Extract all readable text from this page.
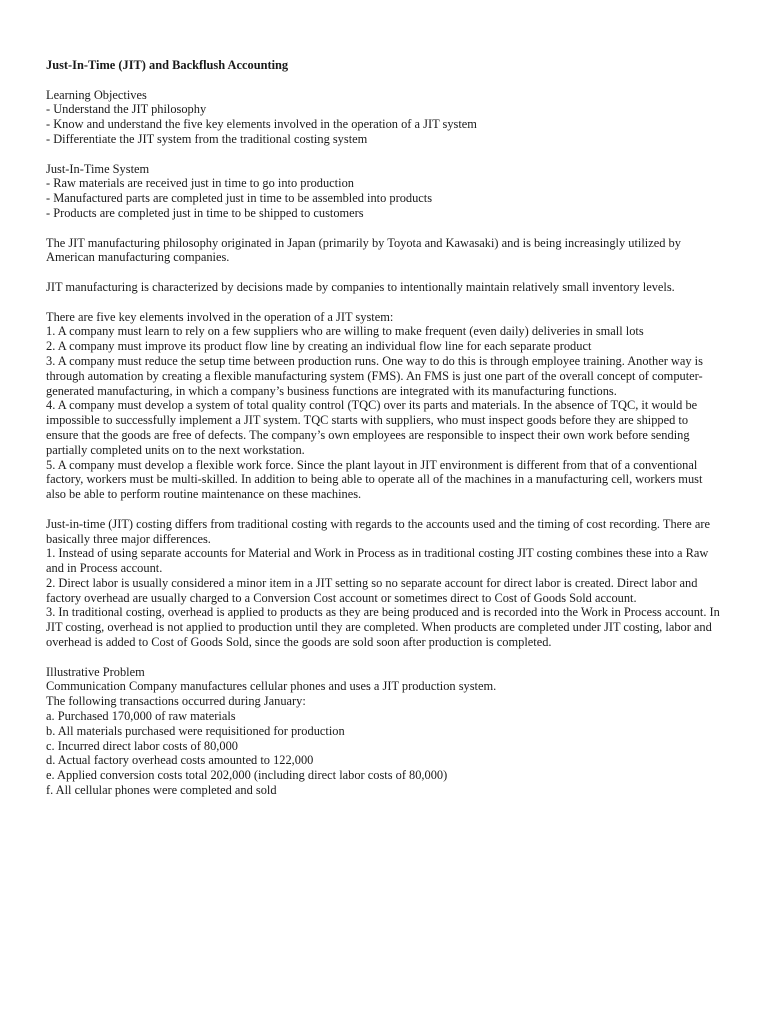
Just-In-Time (JIT) and Backflush Accounting

Learning Objectives

- Understand the JIT philosophy

- Know and understand the five key elements involved in the operation of a JIT system

- Differentiate the JIT system from the traditional costing system

Just-In-Time System

- Raw materials are received just in time to go into production

- Manufactured parts are completed just in time to be assembled into products

- Products are completed just in time to be shipped to customers

The JIT manufacturing philosophy originated in Japan (primarily by Toyota and Kawasaki) and is being increasingly utilized by American manufacturing companies.

JIT manufacturing is characterized by decisions made by companies to intentionally maintain relatively small inventory levels.

There are five key elements involved in the operation of a JIT system:

1. A company must learn to rely on a few suppliers who are willing to make frequent (even daily) deliveries in small lots

2. A company must improve its product flow line by creating an individual flow line for each separate product

3. A company must reduce the setup time between production runs. One way to do this is through employee training. Another way is through automation by creating a flexible manufacturing system (FMS). An FMS is just one part of the overall concept of computer-generated manufacturing, in which a company’s business functions are integrated with its manufacturing functions.

4. A company must develop a system of total quality control (TQC) over its parts and materials. In the absence of TQC, it would be impossible to successfully implement a JIT system. TQC starts with suppliers, who must inspect goods before they are shipped to ensure that the goods are free of defects. The company’s own employees are responsible to inspect their own work before sending partially completed units on to the next workstation.

5. A company must develop a flexible work force. Since the plant layout in JIT environment is different from that of a conventional factory, workers must be multi-skilled. In addition to being able to operate all of the machines in a manufacturing cell, workers must also be able to perform routine maintenance on these machines.

Just-in-time (JIT) costing differs from traditional costing with regards to the accounts used and the timing of cost recording. There are basically three major differences.

1. Instead of using separate accounts for Material and Work in Process as in traditional costing JIT costing combines these into a Raw and in Process account.

2. Direct labor is usually considered a minor item in a JIT setting so no separate account for direct labor is created. Direct labor and factory overhead are usually charged to a Conversion Cost account or sometimes direct to Cost of Goods Sold account.

3. In traditional costing, overhead is applied to products as they are being produced and is recorded into the Work in Process account. In JIT costing, overhead is not applied to production until they are completed. When products are completed under JIT costing, labor and overhead is added to Cost of Goods Sold, since the goods are sold soon after production is completed.

Illustrative Problem

Communication Company manufactures cellular phones and uses a JIT production system.

The following transactions occurred during January:

a. Purchased 170,000 of raw materials

b. All materials purchased were requisitioned for production

c. Incurred direct labor costs of 80,000

d. Actual factory overhead costs amounted to 122,000

e. Applied conversion costs total 202,000 (including direct labor costs of 80,000)

f. All cellular phones were completed and sold
